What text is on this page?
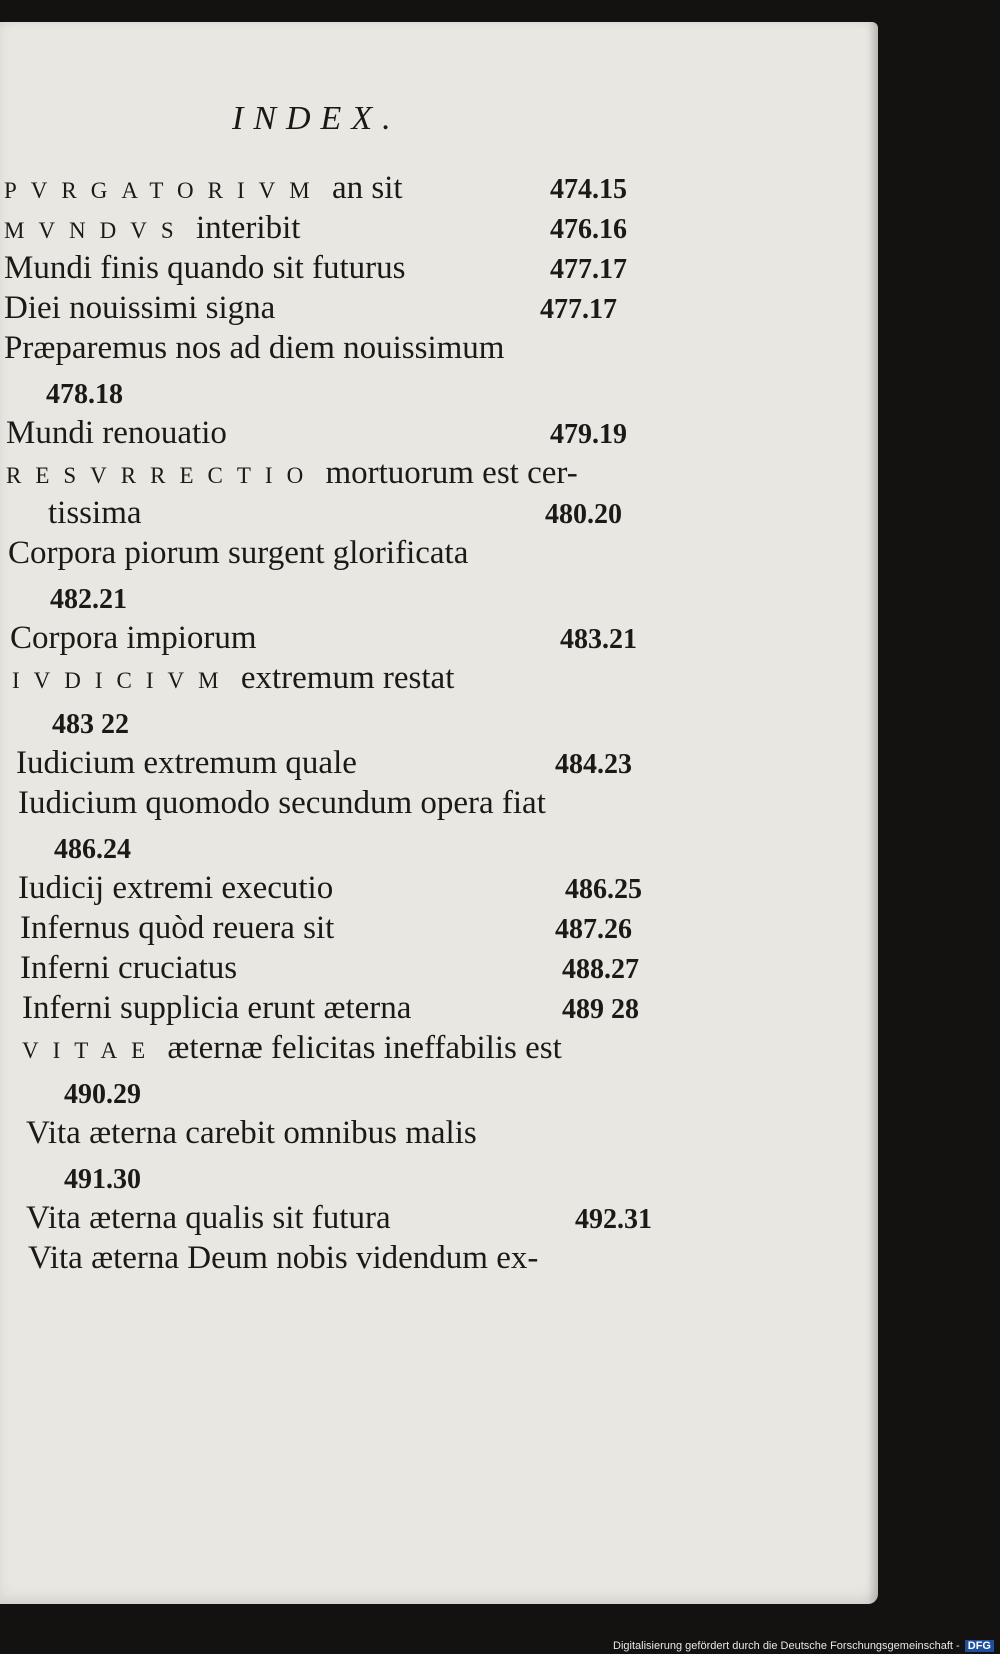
INDEX.
PVRGATORIVM an sit	474.15
MVNDVS interibit	476.16
Mundi finis quando sit futurus	477.17
Diei nouissimi signa	477.17
Præparemus nos ad diem nouissimum
478.18
Mundi renouatio	479.19
RESVRRECTIO mortuorum est cer-
tissima	480.20
Corpora piorum surgent glorificata
482.21
Corpora impiorum	483.21
IVDICIVM extremum restat
483 22
Iudicium extremum quale	484.23
Iudicium quomodo secundum opera fiat
486.24
Iudicij extremi executio	486.25
Infernus quòd reuera sit	487.26
Inferni cruciatus	488.27
Inferni supplicia erunt æterna	489 28
VITAE æternæ felicitas ineffabilis est
490.29
Vita æterna carebit omnibus malis
491.30
Vita æterna qualis sit futura	492.31
Vita æterna Deum nobis videndum ex-
Digitalisierung gefördert durch die Deutsche Forschungsgemeinschaft - DFG
